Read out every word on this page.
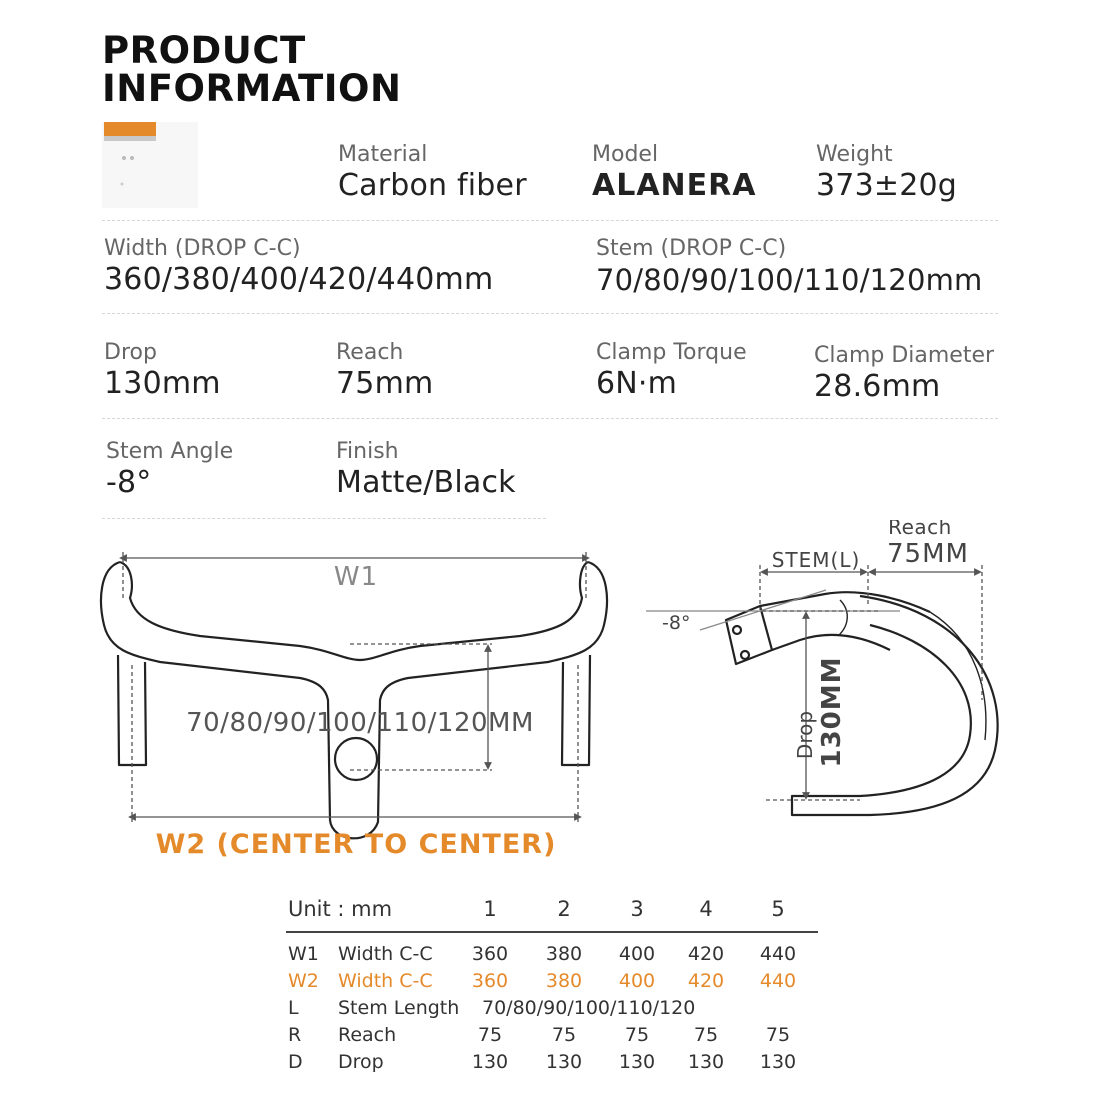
PRODUCT
INFORMATION
Material
Carbon fiber
Model
ALANERA
Weight
373±20g
Width (DROP C-C)
360/380/400/420/440mm
Stem (DROP C-C)
70/80/90/100/110/120mm
Drop
130mm
Reach
75mm
Clamp Torque
6N·m
Clamp Diameter
28.6mm
Stem Angle
-8°
Finish
Matte/Black
W1
70/80/90/100/110/120MM
W2 (CENTER TO CENTER)
STEM(L)
Reach
75MM
-8°
Drop 130MM
Unit : mm	1	2	3	4	5
W1 Width C-C 360 380 400 420 440
W2 Width C-C 360 380 400 420 440
L Stem Length 70/80/90/100/110/120
R Reach	75	75	75	75	75
D Drop	130 130 130 130 130
